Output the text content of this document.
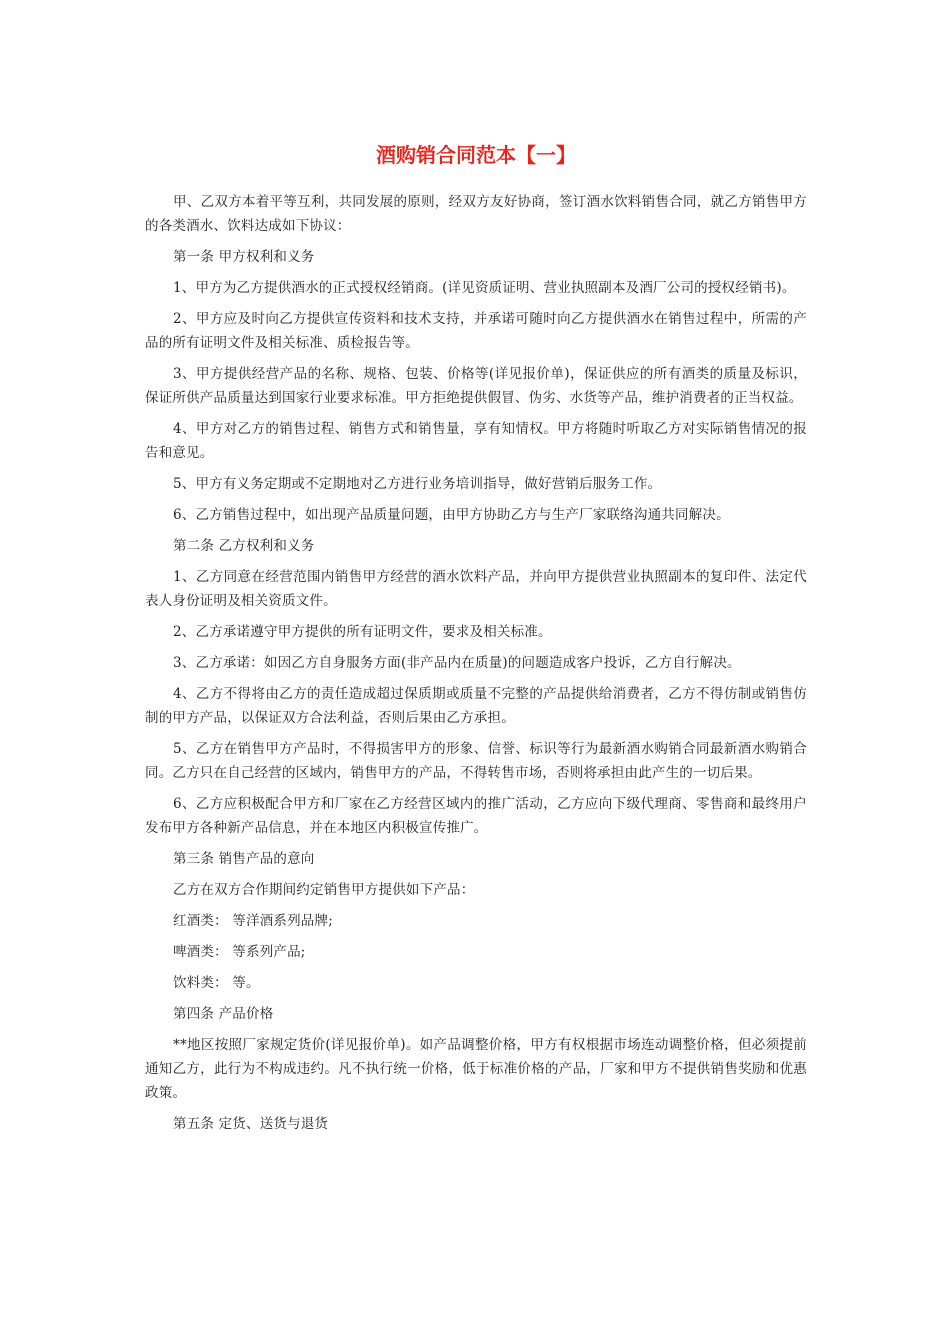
酒购销合同范本【一】

甲、乙双方本着平等互利，共同发展的原则，经双方友好协商，签订酒水饮料销售合同，就乙方销售甲方的各类酒水、饮料达成如下协议：

第一条 甲方权利和义务

1、甲方为乙方提供酒水的正式授权经销商。(详见资质证明、营业执照副本及酒厂公司的授权经销书)。

2、甲方应及时向乙方提供宣传资料和技术支持，并承诺可随时向乙方提供酒水在销售过程中，所需的产品的所有证明文件及相关标准、质检报告等。

3、甲方提供经营产品的名称、规格、包装、价格等(详见报价单)，保证供应的所有酒类的质量及标识，保证所供产品质量达到国家行业要求标准。甲方拒绝提供假冒、伪劣、水货等产品，维护消费者的正当权益。

4、甲方对乙方的销售过程、销售方式和销售量，享有知情权。甲方将随时听取乙方对实际销售情况的报告和意见。

5、甲方有义务定期或不定期地对乙方进行业务培训指导，做好营销后服务工作。

6、乙方销售过程中，如出现产品质量问题，由甲方协助乙方与生产厂家联络沟通共同解决。

第二条 乙方权利和义务

1、乙方同意在经营范围内销售甲方经营的酒水饮料产品，并向甲方提供营业执照副本的复印件、法定代表人身份证明及相关资质文件。

2、乙方承诺遵守甲方提供的所有证明文件，要求及相关标准。

3、乙方承诺：如因乙方自身服务方面(非产品内在质量)的问题造成客户投诉，乙方自行解决。

4、乙方不得将由乙方的责任造成超过保质期或质量不完整的产品提供给消费者，乙方不得仿制或销售仿制的甲方产品，以保证双方合法利益，否则后果由乙方承担。

5、乙方在销售甲方产品时，不得损害甲方的形象、信誉、标识等行为最新酒水购销合同最新酒水购销合同。乙方只在自己经营的区域内，销售甲方的产品，不得转售市场，否则将承担由此产生的一切后果。

6、乙方应积极配合甲方和厂家在乙方经营区域内的推广活动，乙方应向下级代理商、零售商和最终用户发布甲方各种新产品信息，并在本地区内积极宣传推广。

第三条 销售产品的意向

乙方在双方合作期间约定销售甲方提供如下产品：

红酒类： 等洋酒系列品牌;

啤酒类： 等系列产品;

饮料类： 等。

第四条 产品价格

**地区按照厂家规定货价(详见报价单)。如产品调整价格，甲方有权根据市场连动调整价格，但必须提前通知乙方，此行为不构成违约。凡不执行统一价格，低于标准价格的产品，厂家和甲方不提供销售奖励和优惠政策。

第五条 定货、送货与退货
